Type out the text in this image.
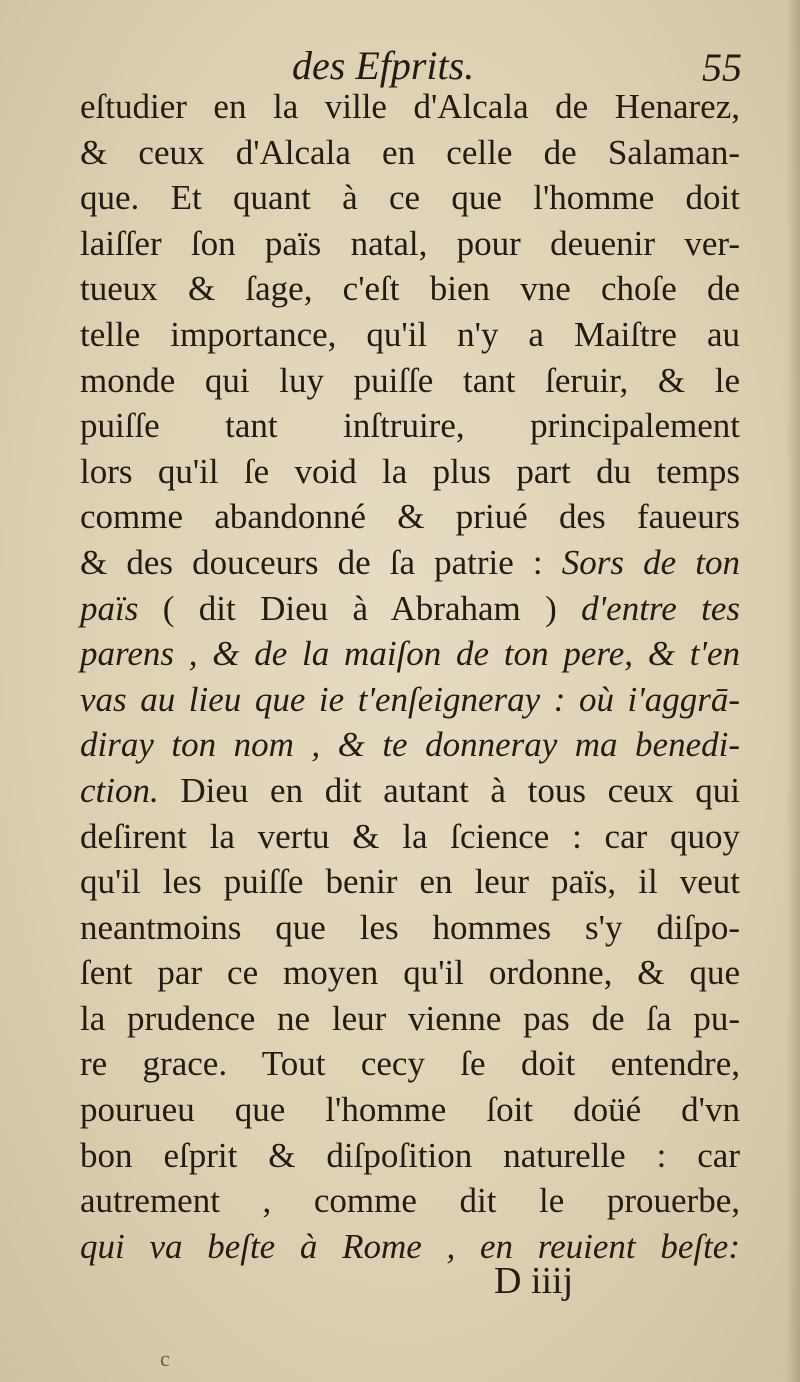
des Efprits.	55
eſtudier en la ville d'Alcala de Henarez,
& ceux d'Alcala en celle de Salaman-
que. Et quant à ce que l'homme doit
laiſſer ſon païs natal, pour deuenir ver-
tueux & ſage, c'eſt bien vne choſe de
telle importance, qu'il n'y a Maiſtre au
monde qui luy puiſſe tant ſeruir, & le
puiſſe tant inſtruire, principalement
lors qu'il ſe void la plus part du temps
comme abandonné & priué des faueurs
& des douceurs de ſa patrie : Sors de ton
païs ( dit Dieu à Abraham ) d'entre tes
parens , & de la maiſon de ton pere, & t'en
vas au lieu que ie t'enſeigneray : où i'aggrā-
diray ton nom , & te donneray ma benedi-
ction. Dieu en dit autant à tous ceux qui
deſirent la vertu & la ſcience : car quoy
qu'il les puiſſe benir en leur païs, il veut
neantmoins que les hommes s'y diſpo-
ſent par ce moyen qu'il ordonne, & que
la prudence ne leur vienne pas de ſa pu-
re grace. Tout cecy ſe doit entendre,
pourueu que l'homme ſoit doüé d'vn
bon eſprit & diſpoſition naturelle : car
autrement , comme dit le prouerbe,
qui va beſte à Rome , en reuient beſte:
D iiij
c
